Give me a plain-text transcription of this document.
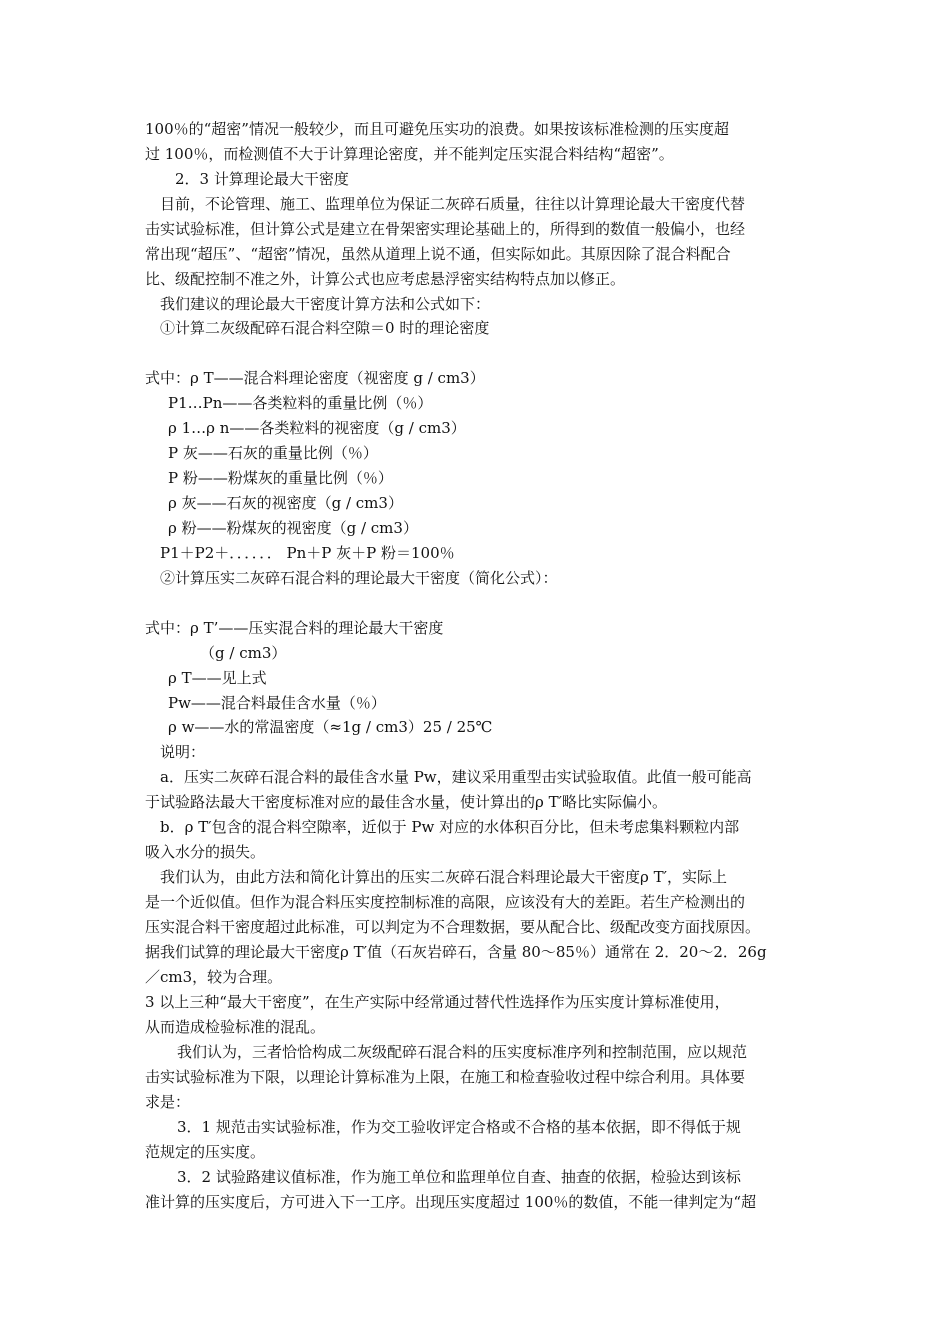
100％的“超密”情况一般较少，而且可避免压实功的浪费。如果按该标准检测的压实度超
过 100％，而检测值不大于计算理论密度，并不能判定压实混合料结构“超密”。
2．3 计算理论最大干密度
目前，不论管理、施工、监理单位为保证二灰碎石质量，往往以计算理论最大干密度代替
击实试验标准，但计算公式是建立在骨架密实理论基础上的，所得到的数值一般偏小，也经
常出现“超压”、“超密”情况，虽然从道理上说不通，但实际如此。其原因除了混合料配合
比、级配控制不准之外，计算公式也应考虑悬浮密实结构特点加以修正。
我们建议的理论最大干密度计算方法和公式如下：
①计算二灰级配碎石混合料空隙＝0 时的理论密度
式中：ρ T——混合料理论密度（视密度 g / cm3）
P1…Pn——各类粒料的重量比例（％）
ρ 1…ρ n——各类粒料的视密度（g / cm3）
P 灰——石灰的重量比例（％）
P 粉——粉煤灰的重量比例（％）
ρ 灰——石灰的视密度（g / cm3）
ρ 粉——粉煤灰的视密度（g / cm3）
P1＋P2＋．．．．．． Pn＋P 灰＋P 粉＝100％
②计算压实二灰碎石混合料的理论最大干密度（简化公式）：
式中：ρ T’——压实混合料的理论最大干密度
（g / cm3）
ρ T——见上式
Pw——混合料最佳含水量（％）
ρ w——水的常温密度（≈1g / cm3）25 / 25℃
说明：
a．压实二灰碎石混合料的最佳含水量 Pw，建议采用重型击实试验取值。此值一般可能高
于试验路法最大干密度标准对应的最佳含水量，使计算出的ρ T′略比实际偏小。
b．ρ T′包含的混合料空隙率，近似于 Pw 对应的水体积百分比，但未考虑集料颗粒内部
吸入水分的损失。
我们认为，由此方法和简化计算出的压实二灰碎石混合料理论最大干密度ρ T′，实际上
是一个近似值。但作为混合料压实度控制标准的高限，应该没有大的差距。若生产检测出的
压实混合料干密度超过此标准，可以判定为不合理数据，要从配合比、级配改变方面找原因。
据我们试算的理论最大干密度ρ T′值（石灰岩碎石，含量 80～85％）通常在 2．20～2．26g
／cm3，较为合理。
3 以上三种“最大干密度”，在生产实际中经常通过替代性选择作为压实度计算标准使用，
从而造成检验标准的混乱。
我们认为，三者恰恰构成二灰级配碎石混合料的压实度标准序列和控制范围，应以规范
击实试验标准为下限，以理论计算标准为上限，在施工和检查验收过程中综合利用。具体要
求是：
3．1 规范击实试验标准，作为交工验收评定合格或不合格的基本依据，即不得低于规
范规定的压实度。
3．2 试验路建议值标准，作为施工单位和监理单位自查、抽查的依据，检验达到该标
准计算的压实度后，方可进入下一工序。出现压实度超过 100％的数值，不能一律判定为“超
